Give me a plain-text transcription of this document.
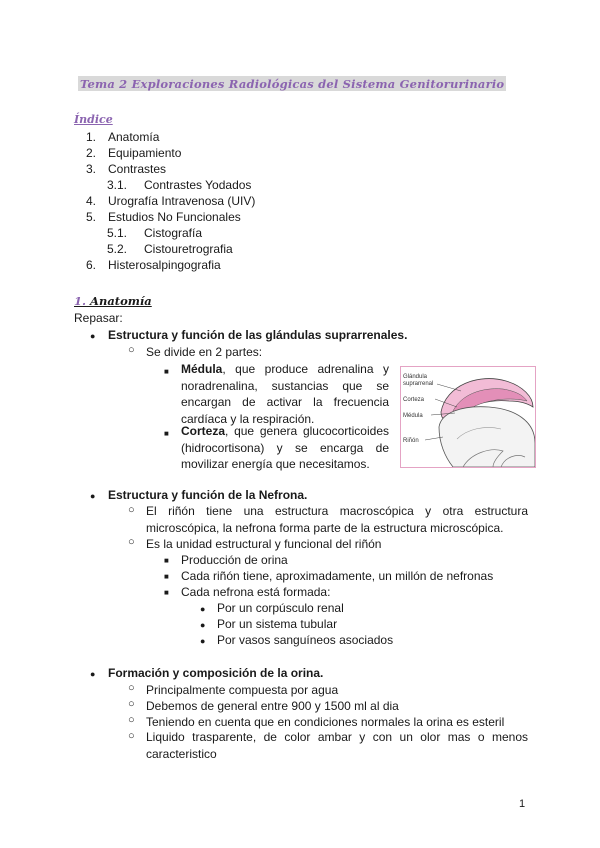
Tema 2 Exploraciones Radiológicas del Sistema Genitorurinario
Índice
1. Anatomía
2. Equipamiento
3. Contrastes
3.1. Contrastes Yodados
4. Urografía Intravenosa (UIV)
5. Estudios No Funcionales
5.1. Cistografía
5.2. Cistouretrografia
6. Histerosalpingografia
1. Anatomía
Repasar:
● Estructura y función de las glándulas suprarrenales.
○ Se divide en 2 partes:
■ Médula, que produce adrenalina y noradrenalina, sustancias que se encargan de activar la frecuencia cardíaca y la respiración.
■ Corteza, que genera glucocorticoides (hidrocortisona) y se encarga de movilizar energía que necesitamos.
Glándula
suprarrenal
Corteza
Médula
Riñón
● Estructura y función de la Nefrona.
○ El riñón tiene una estructura macroscópica y otra estructura microscópica, la nefrona forma parte de la estructura microscópica.
○ Es la unidad estructural y funcional del riñón
■ Producción de orina
■ Cada riñón tiene, aproximadamente, un millón de nefronas
■ Cada nefrona está formada:
● Por un corpúsculo renal
● Por un sistema tubular
● Por vasos sanguíneos asociados
● Formación y composición de la orina.
○ Principalmente compuesta por agua
○ Debemos de general entre 900 y 1500 ml al dia
○ Teniendo en cuenta que en condiciones normales la orina es esteril
○ Liquido trasparente, de color ambar y con un olor mas o menos caracteristico
1
